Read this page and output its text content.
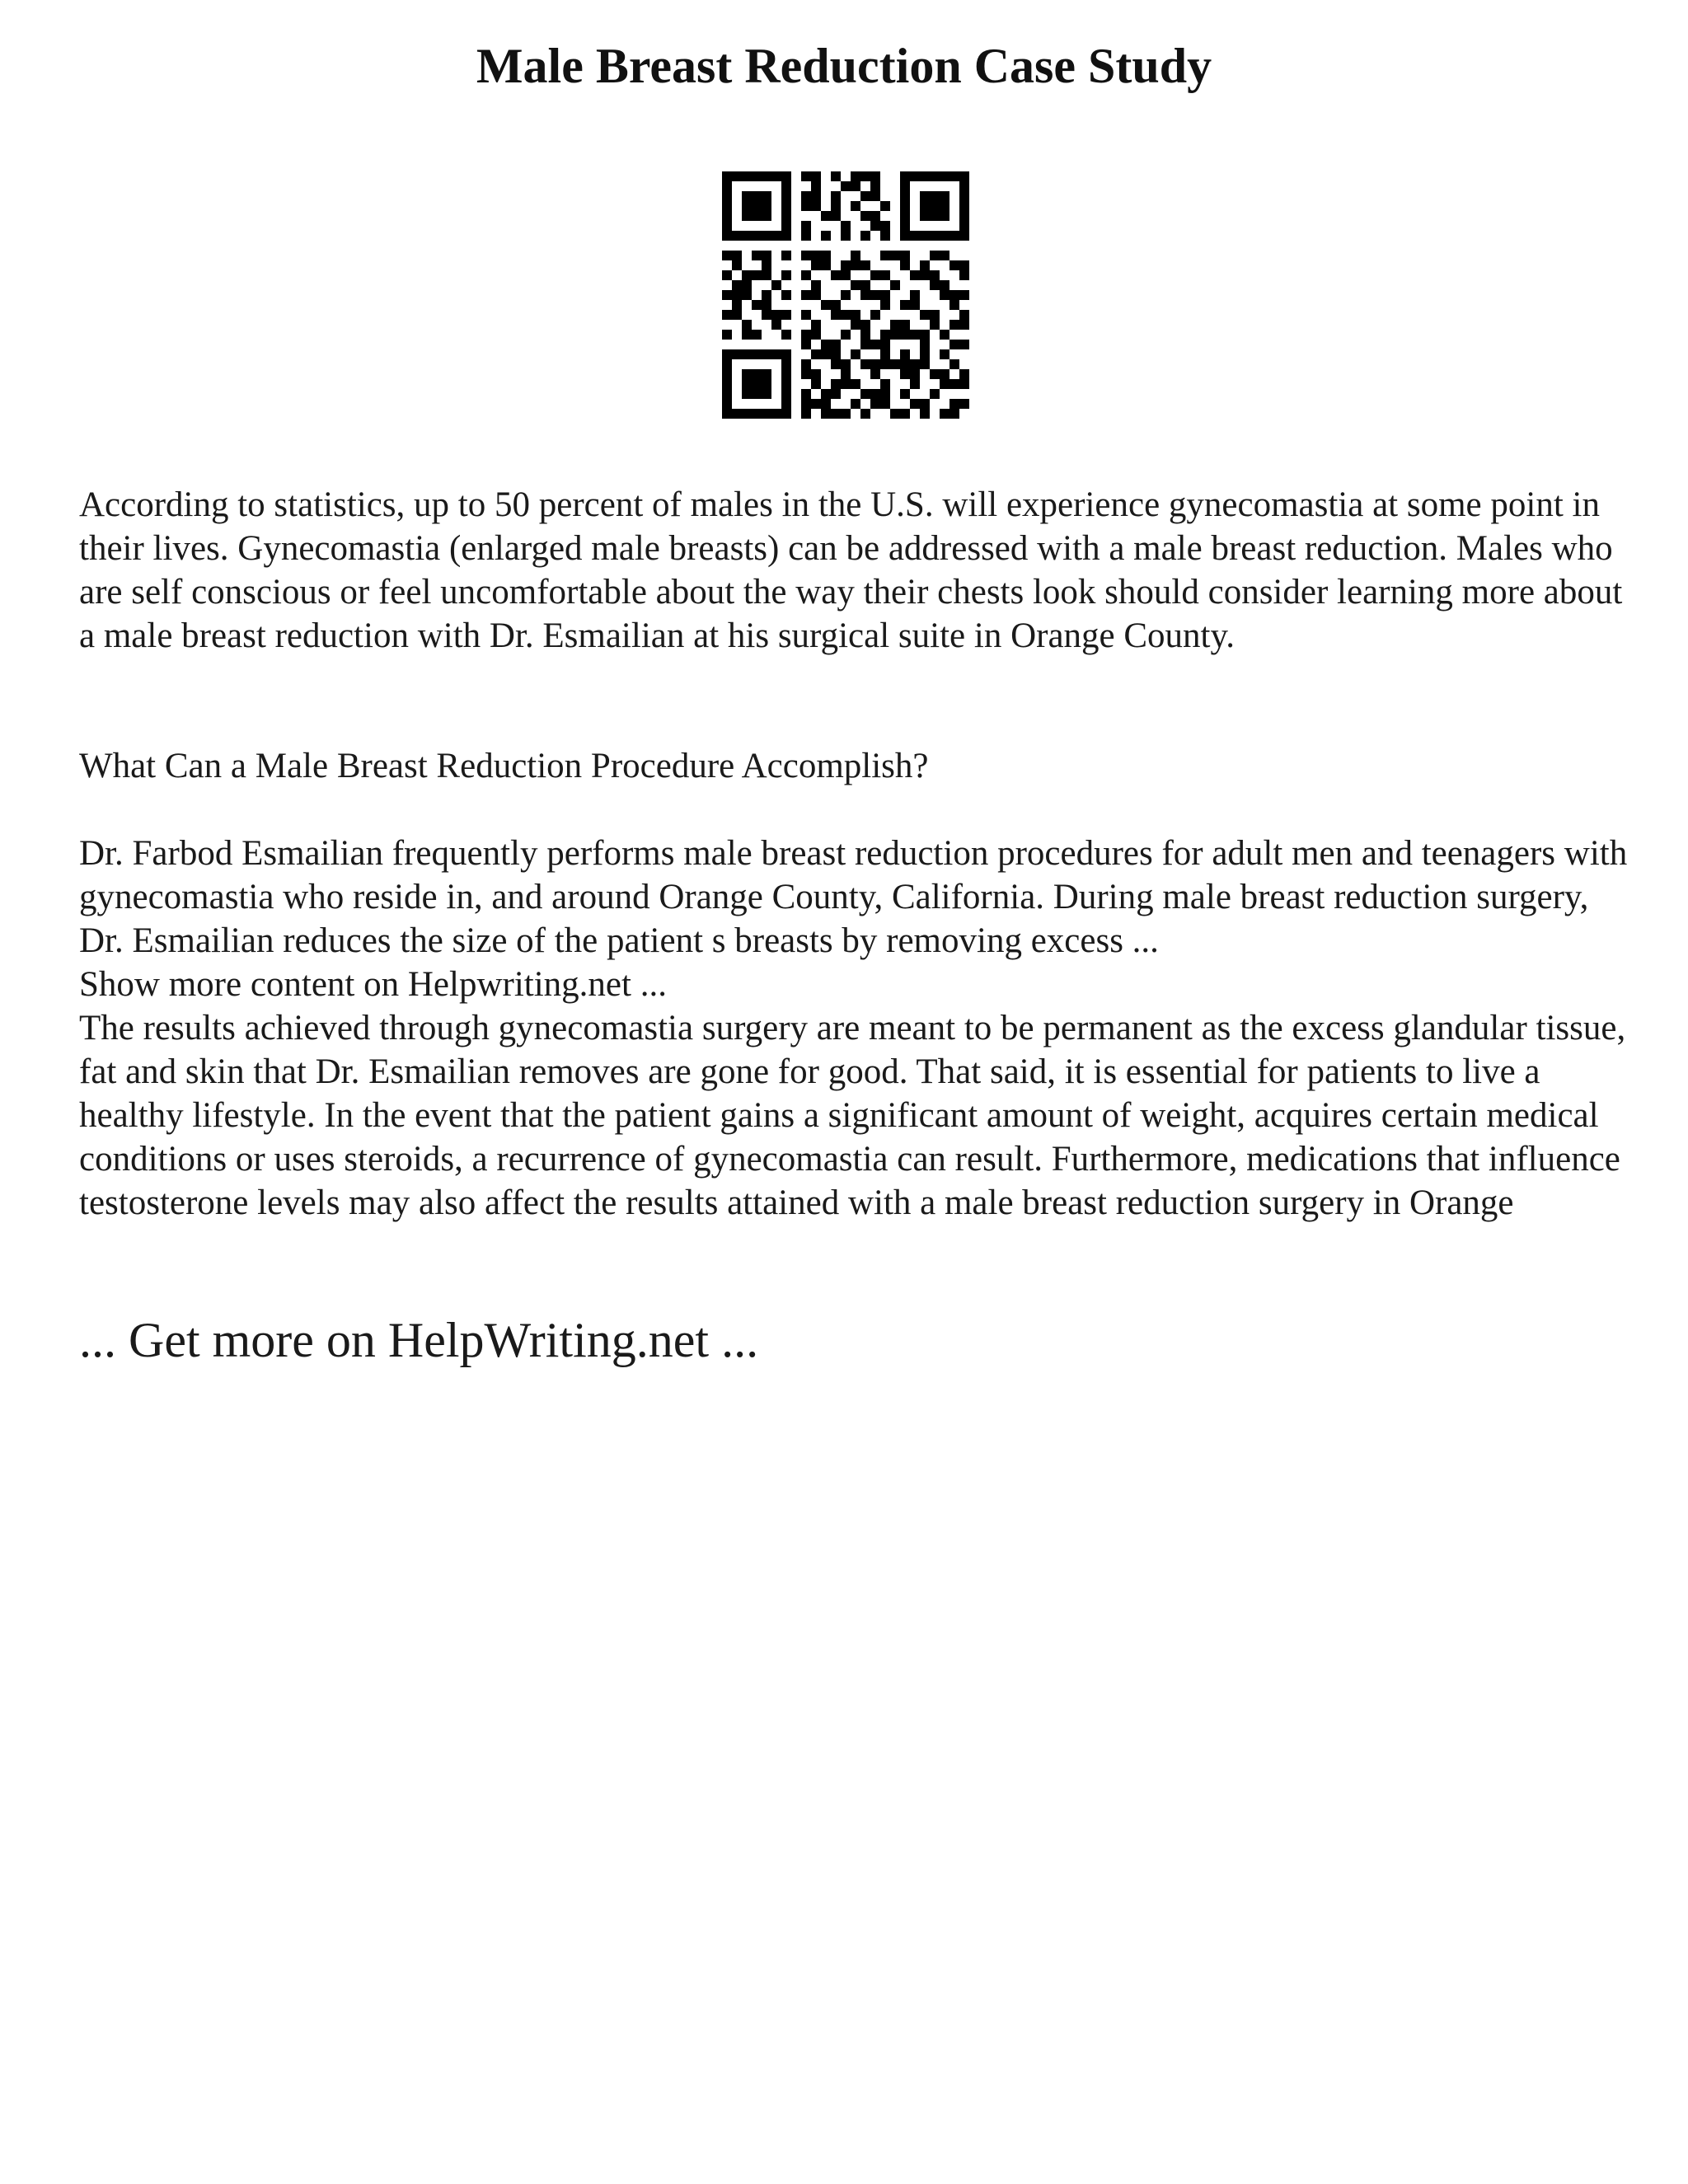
Male Breast Reduction Case Study

According to statistics, up to 50 percent of males in the U.S. will experience gynecomastia at some point in their lives. Gynecomastia (enlarged male breasts) can be addressed with a male breast reduction. Males who are self conscious or feel uncomfortable about the way their chests look should consider learning more about a male breast reduction with Dr. Esmailian at his surgical suite in Orange County.

What Can a Male Breast Reduction Procedure Accomplish?

Dr. Farbod Esmailian frequently performs male breast reduction procedures for adult men and teenagers with gynecomastia who reside in, and around Orange County, California. During male breast reduction surgery, Dr. Esmailian reduces the size of the patient s breasts by removing excess ...

Show more content on Helpwriting.net ...

The results achieved through gynecomastia surgery are meant to be permanent as the excess glandular tissue, fat and skin that Dr. Esmailian removes are gone for good. That said, it is essential for patients to live a healthy lifestyle. In the event that the patient gains a significant amount of weight, acquires certain medical conditions or uses steroids, a recurrence of gynecomastia can result. Furthermore, medications that influence testosterone levels may also affect the results attained with a male breast reduction surgery in Orange

... Get more on HelpWriting.net ...
